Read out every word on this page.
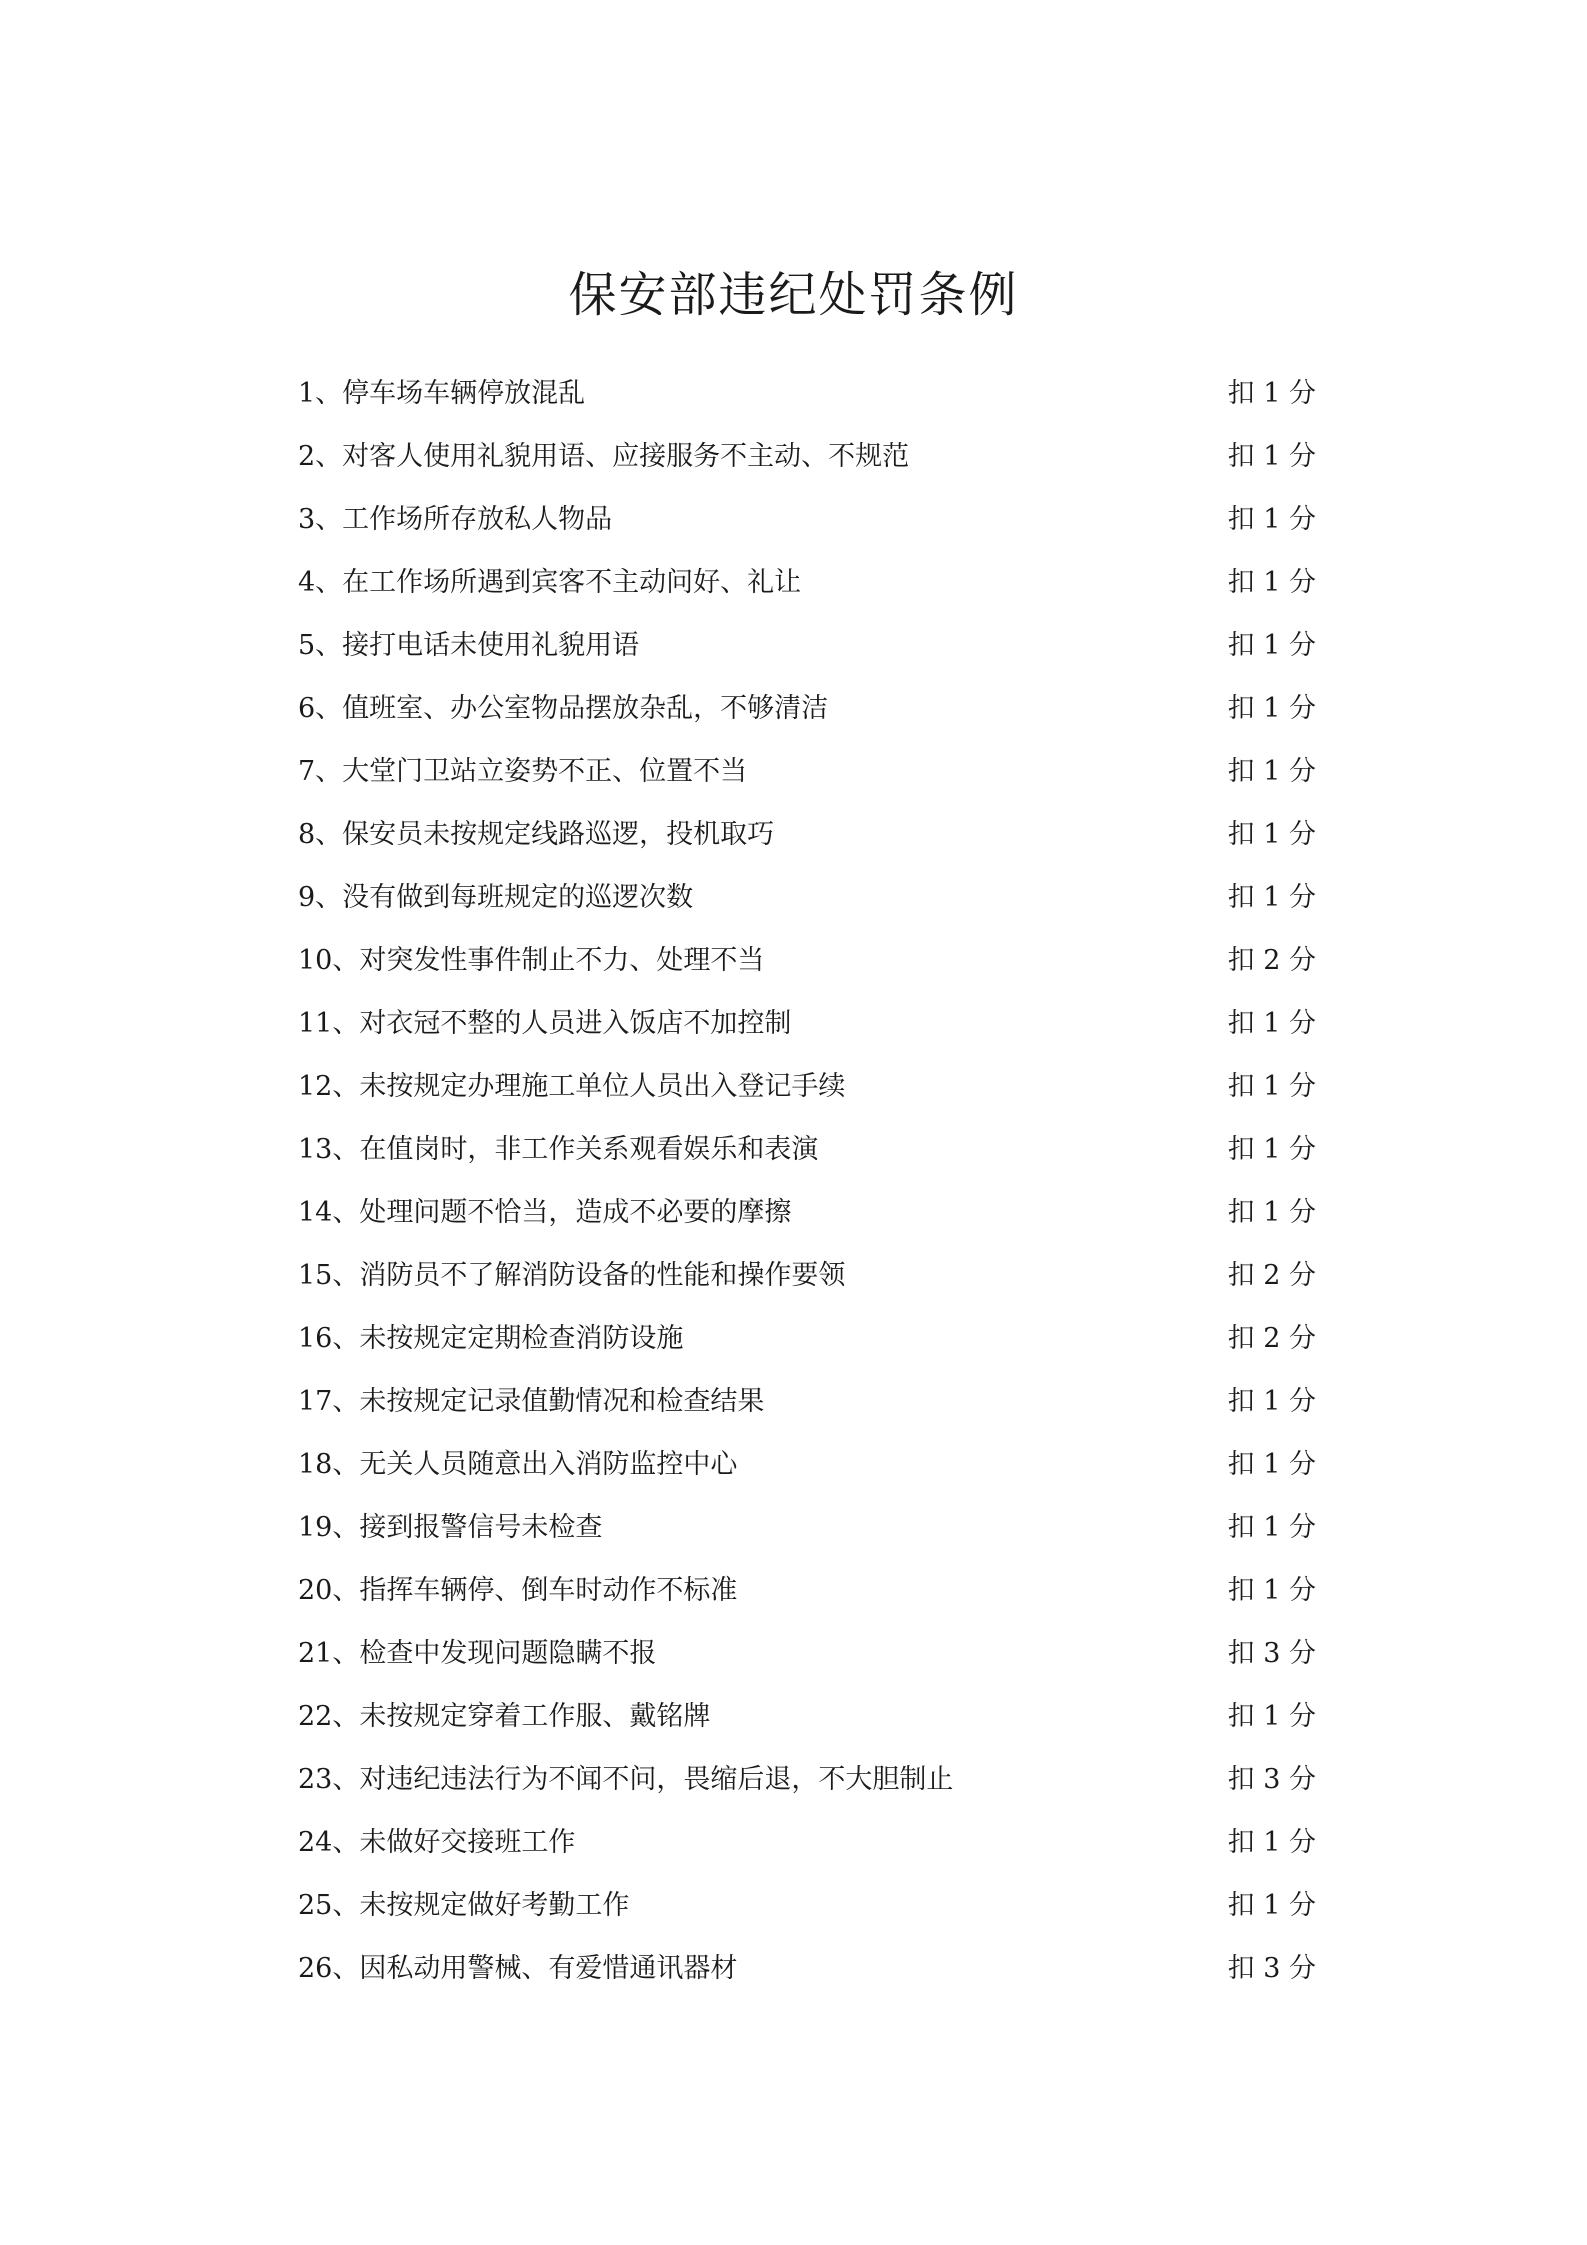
保安部违纪处罚条例
1、停车场车辆停放混乱	扣 1 分
2、对客人使用礼貌用语、应接服务不主动、不规范	扣 1 分
3、工作场所存放私人物品	扣 1 分
4、在工作场所遇到宾客不主动问好、礼让	扣 1 分
5、接打电话未使用礼貌用语	扣 1 分
6、值班室、办公室物品摆放杂乱，不够清洁	扣 1 分
7、大堂门卫站立姿势不正、位置不当	扣 1 分
8、保安员未按规定线路巡逻，投机取巧	扣 1 分
9、没有做到每班规定的巡逻次数	扣 1 分
10、对突发性事件制止不力、处理不当	扣 2 分
11、对衣冠不整的人员进入饭店不加控制	扣 1 分
12、未按规定办理施工单位人员出入登记手续	扣 1 分
13、在值岗时，非工作关系观看娱乐和表演	扣 1 分
14、处理问题不恰当，造成不必要的摩擦	扣 1 分
15、消防员不了解消防设备的性能和操作要领	扣 2 分
16、未按规定定期检查消防设施	扣 2 分
17、未按规定记录值勤情况和检查结果	扣 1 分
18、无关人员随意出入消防监控中心	扣 1 分
19、接到报警信号未检查	扣 1 分
20、指挥车辆停、倒车时动作不标准	扣 1 分
21、检查中发现问题隐瞒不报	扣 3 分
22、未按规定穿着工作服、戴铭牌	扣 1 分
23、对违纪违法行为不闻不问，畏缩后退，不大胆制止	扣 3 分
24、未做好交接班工作	扣 1 分
25、未按规定做好考勤工作	扣 1 分
26、因私动用警械、有爱惜通讯器材	扣 3 分
